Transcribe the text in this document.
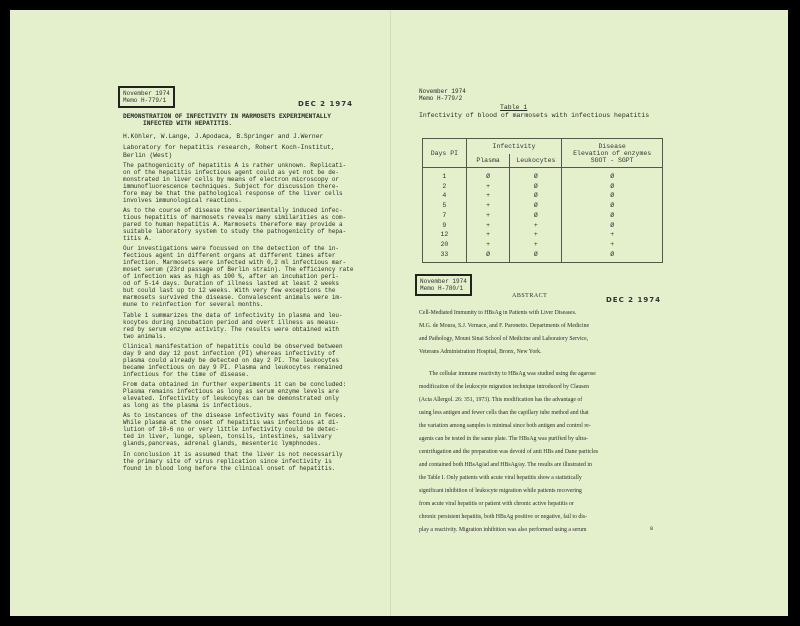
November 1974
Memo H-779/1	DEC 2 1974
DEMONSTRATION OF INFECTIVITY IN MARMOSETS EXPERIMENTALLY
INFECTED WITH HEPATITIS.
H.Köhler, W.Lange, J.Apodaca, B.Springer and J.Werner
Laboratory for hepatitis research, Robert Koch-Institut,
Berlin (West)
The pathogenicity of hepatitis A is rather unknown. Replicati-
on of the hepatitis infectious agent could as yet not be de-
monstrated in liver cells by means of electron microscopy or
immunofluorescence techniques. Subject for discussion there-
fore may be that the pathological response of the liver cells
involves immunological reactions.
As to the course of disease the experimentally induced infec-
tious hepatitis of marmosets reveals many similarities as com-
pared to human hepatitis A. Marmosets therefore may provide a
suitable laboratory system to study the pathogenicity of hepa-
titis A.
Our investigations were focussed on the detection of the in-
fectious agent in different organs at different times after
infection. Marmosets were infected with 0,2 ml infectious mar-
moset serum (23rd passage of Berlin strain). The efficiency rate
of infection was as high as 100 %, after an incubation peri-
od of 5-14 days. Duration of illness lasted at least 2 weeks
but could last up to 12 weeks. With very few exceptions the
marmosets survived the disease. Convalescent animals were im-
mune to reinfection for several months.
Table 1 summarizes the data of infectivity in plasma and leu-
kocytes during incubation period and overt illness as measu-
red by serum enzyme activity. The results were obtained with
two animals.
Clinical manifestation of hepatitis could be observed between
day 9 and day 12 post infection (PI) whereas infectivity of
plasma could already be detected on day 2 PI. The leukocytes
became infectious on day 9 PI. Plasma and leukocytes remained
infectious for the time of disease.
From data obtained in further experiments it can be concluded:
Plasma remains infectious as long as serum enzyme levels are
elevated. Infectivity of leukocytes can be demonstrated only
as long as the plasma is infectious.
As to instances of the disease infectivity was found in feces.
While plasma at the onset of hepatitis was infectious at di-
lution of 10-6 no or very little infectivity could be detec-
ted in liver, lunge, spleen, tonsils, intestines, salivary
glands,pancreas, adrenal glands, mesenteric lymphnodes.
In conclusion it is assumed that the liver is not necessarily
the primary site of virus replication since infectivity is
found in blood long before the clinical onset of hepatitis.
November 1974
Memo H-779/2
Table 1
Infectivity of blood of marmosets with infectious hepatitis
Days PI	Infectivity		Disease
Elevation of enzymes
SGOT - SGPT

	Plasma	Leukocytes	
1	Ø	Ø	Ø
2	+	Ø	Ø
4	+	Ø	Ø
5	+	Ø	Ø
7	+	Ø	Ø
9	+	+	Ø
12	+	+	+
20	+	+	+
33	Ø	Ø	Ø
November 1974
Memo H-780/1
ABSTRACT	DEC 2 1974
Cell-Mediated Immunity to HBsAg in Patients with Liver Diseases.
M.G. de Moura, S.J. Vernace, and F. Paronetto. Departments of Medicine
and Pathology, Mount Sinai School of Medicine and Laboratory Service,
Veterans Administration Hospital, Bronx, New York.
The cellular immune reactivity to HBsAg was studied using the agarose
modification of the leukocyte migration technique introduced by Clausen
(Acta Allergol. 26: 351, 1973). This modification has the advantage of
using less antigen and fewer cells than the capillary tube method and that
the variation among samples is minimal since both antigen and control re-
agents can be tested in the same plate. The HBsAg was purified by ultra-
centrifugation and the preparation was devoid of anti HBs and Dane particles
and contained both HBsAg/ad and HBsAg/ay. The results are illustrated in
the Table I. Only patients with acute viral hepatitis show a statistically
significant inhibition of leukocyte migration while patients recovering
from acute viral hepatitis or patient with chronic active hepatitis or
chronic persistent hepatitis, both HBsAg positive or negative, fail to dis-
play a reactivity. Migration inhibition was also performed using a serum	8
